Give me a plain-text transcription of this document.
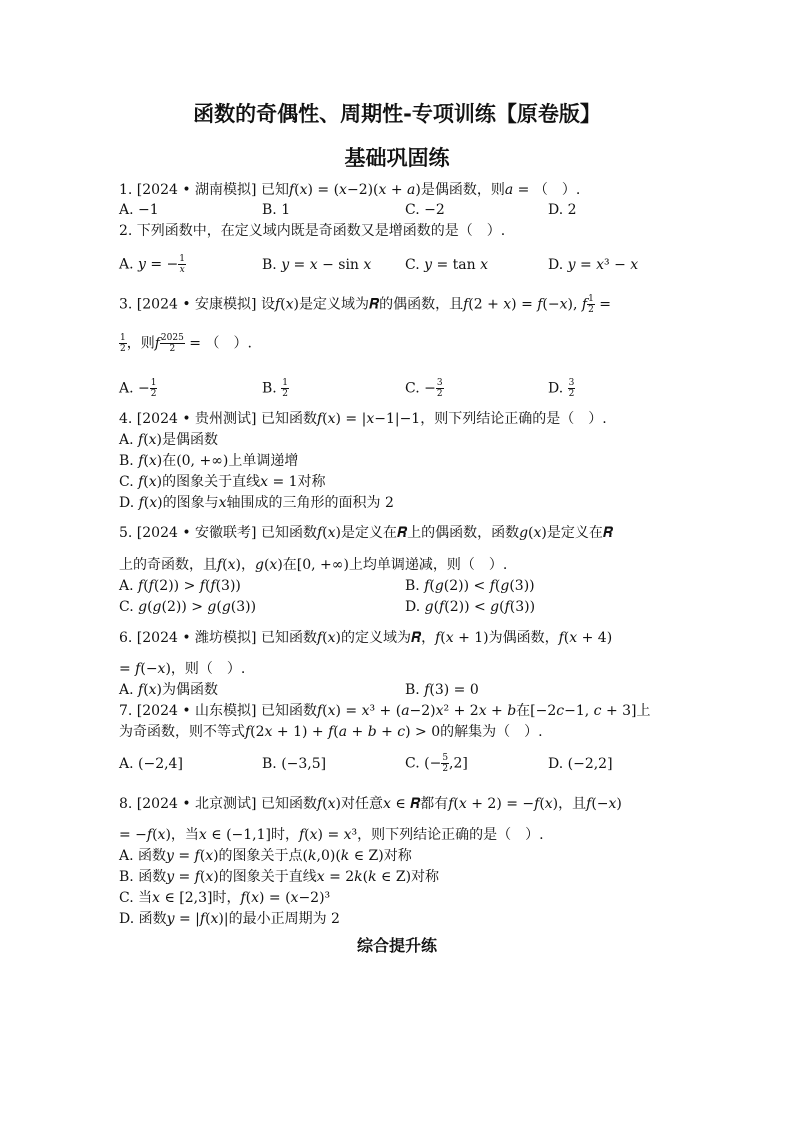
函数的奇偶性、周期性-专项训练【原卷版】
基础巩固练
1. [2024 • 湖南模拟] 已知𝑓(𝑥) = (𝑥−2)(𝑥 + 𝑎)是偶函数，则𝑎 = （　）.
A. −1	B. 1	C. −2	D. 2
2. 下列函数中，在定义域内既是奇函数又是增函数的是（　）.
A. 𝑦 = − $\frac{1}{\text{𝑥}}$	B. 𝑦 = 𝑥 − sin 𝑥 C. 𝑦 = tan 𝑥	D. 𝑦 = 𝑥³ − 𝑥
3. [2024 • 安康模拟] 设𝑓(𝑥)是定义域为𝑹的偶函数，且𝑓(2 + 𝑥) = 𝑓(−𝑥), 𝑓 $\frac{1}{2}$ =
$\frac{1}{2}$ ，则𝑓 $\frac{2025}{2}$ = （　）.
A. − $\frac{1}{2}$	B. $\frac{1}{2}$	C. − $\frac{3}{2}$	D. $\frac{3}{2}$
4. [2024 • 贵州测试] 已知函数𝑓(𝑥) = |𝑥−1|−1，则下列结论正确的是（　）.
A. 𝑓(𝑥)是偶函数
B. 𝑓(𝑥)在(0, +∞)上单调递增
C. 𝑓(𝑥)的图象关于直线𝑥 = 1对称
D. 𝑓(𝑥)的图象与𝑥轴围成的三角形的面积为 2
5. [2024 • 安徽联考] 已知函数𝑓(𝑥)是定义在𝑹上的偶函数，函数𝑔(𝑥)是定义在𝑹
上的奇函数，且𝑓(𝑥)，𝑔(𝑥)在[0, +∞)上均单调递减，则（　）.
A. 𝑓(𝑓(2)) > 𝑓(𝑓(3))	B. 𝑓(𝑔(2)) < 𝑓(𝑔(3))
C. 𝑔(𝑔(2)) > 𝑔(𝑔(3))	D. 𝑔(𝑓(2)) < 𝑔(𝑓(3))
6. [2024 • 潍坊模拟] 已知函数𝑓(𝑥)的定义域为𝑹，𝑓(𝑥 + 1)为偶函数，𝑓(𝑥 + 4)
= 𝑓(−𝑥)，则（　）.
A. 𝑓(𝑥)为偶函数	B. 𝑓(3) = 0
7. [2024 • 山东模拟] 已知函数𝑓(𝑥) = 𝑥³ + (𝑎−2)𝑥² + 2𝑥 + 𝑏在[−2𝑐−1, 𝑐 + 3]上
为奇函数，则不等式𝑓(2𝑥 + 1) + 𝑓(𝑎 + 𝑏 + 𝑐) > 0的解集为（　）.
A. (−2,4]	B. (−3,5]	C. (− $\frac{5}{2} ,2$]	D. (−2,2]
8. [2024 • 北京测试] 已知函数𝑓(𝑥)对任意𝑥 ∈ 𝑹都有𝑓(𝑥 + 2) = −𝑓(𝑥)，且𝑓(−𝑥)
= −𝑓(𝑥)，当𝑥 ∈ (−1,1]时，𝑓(𝑥) = 𝑥³，则下列结论正确的是（　）.
A. 函数𝑦 = 𝑓(𝑥)的图象关于点(𝑘,0)(𝑘 ∈ Z)对称
B. 函数𝑦 = 𝑓(𝑥)的图象关于直线𝑥 = 2𝑘(𝑘 ∈ Z)对称
C. 当𝑥 ∈ [2,3]时，𝑓(𝑥) = (𝑥−2)³
D. 函数𝑦 = |𝑓(𝑥)|的最小正周期为 2
综合提升练
